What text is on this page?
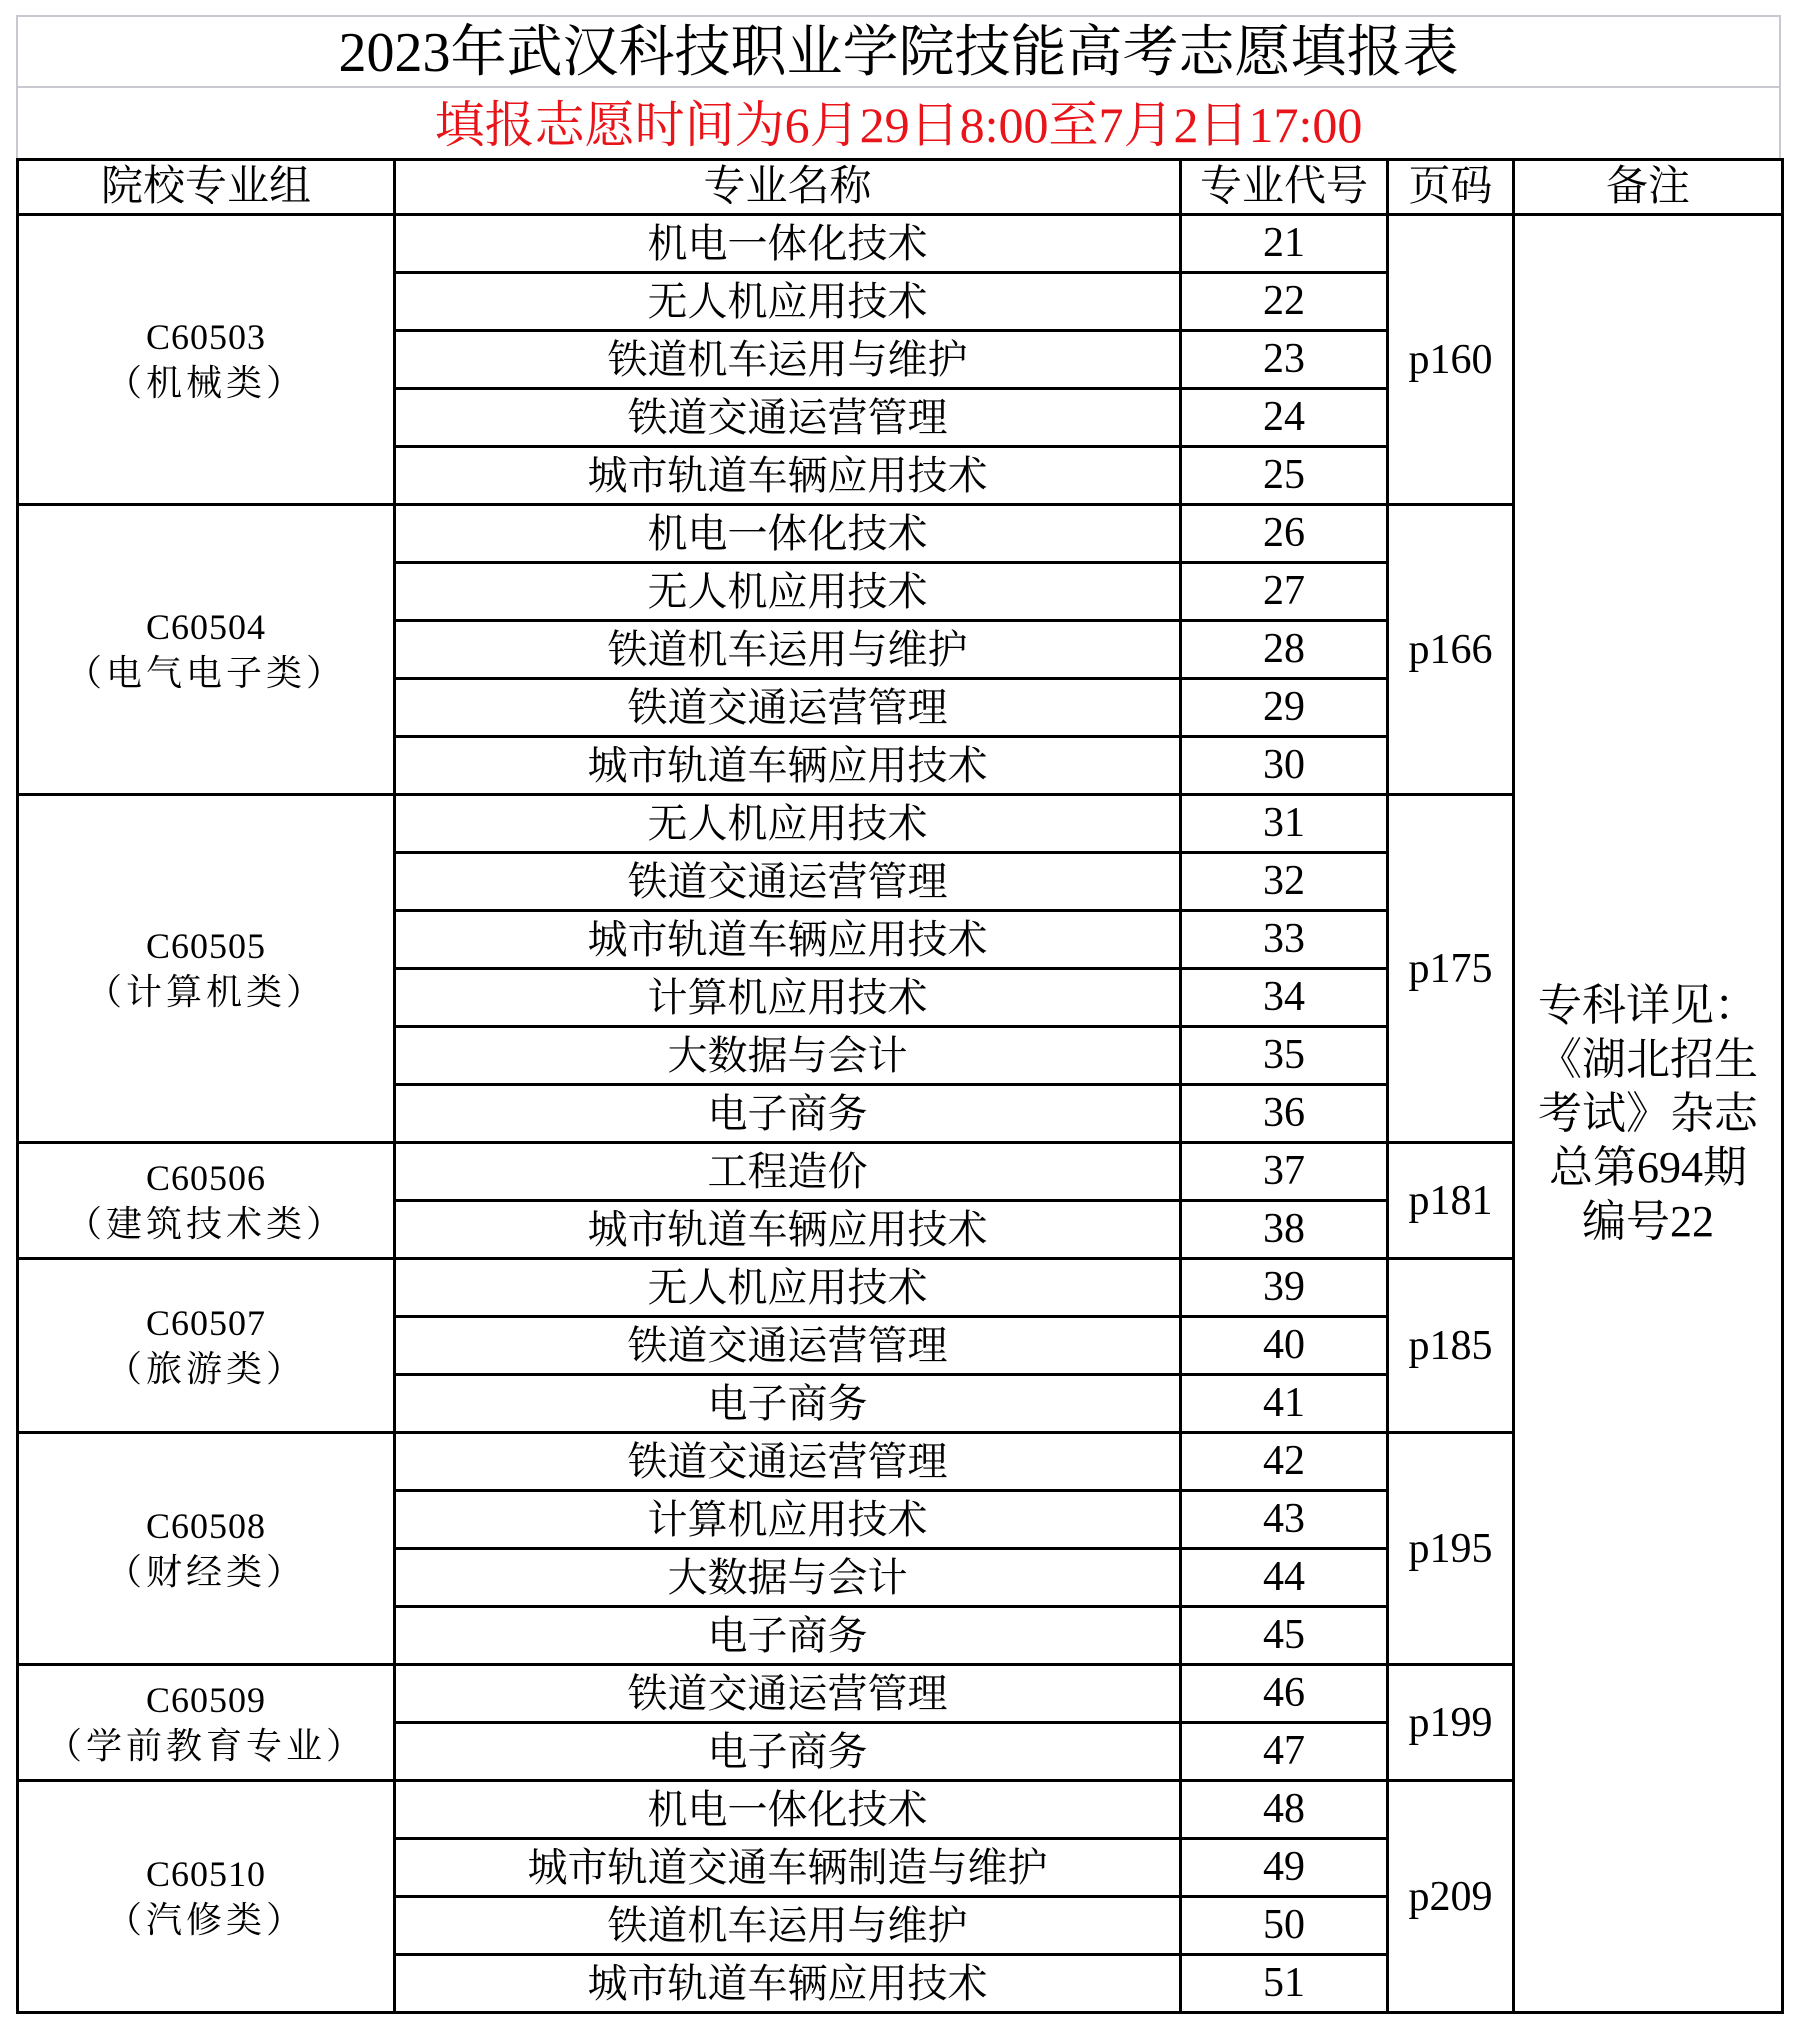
2023年武汉科技职业学院技能高考志愿填报表
填报志愿时间为6月29日8:00至7月2日17:00
院校专业组	专业名称	专业代号	页码	备注

C60503
（机械类）	机电一体化技术	21	p160	专科详见：《湖北招生考试》杂志总第694期编号22
	无人机应用技术	22		
	铁道机车运用与维护	23		
	铁道交通运营管理	24		
	城市轨道车辆应用技术	25		

C60504
（电气电子类）	机电一体化技术	26	p166	
	无人机应用技术	27		
	铁道机车运用与维护	28		
	铁道交通运营管理	29		
	城市轨道车辆应用技术	30		

C60505
（计算机类）	无人机应用技术	31	p175	
	铁道交通运营管理	32		
	城市轨道车辆应用技术	33		
	计算机应用技术	34		
	大数据与会计	35		
	电子商务	36		

C60506
（建筑技术类）	工程造价	37	p181	
	城市轨道车辆应用技术	38		

C60507
（旅游类）	无人机应用技术	39	p185	
	铁道交通运营管理	40		
	电子商务	41		

C60508
（财经类）	铁道交通运营管理	42	p195	
	计算机应用技术	43		
	大数据与会计	44		
	电子商务	45		

C60509
（学前教育专业）	铁道交通运营管理	46	p199	
	电子商务	47		

C60510
（汽修类）	机电一体化技术	48	p209	
	城市轨道交通车辆制造与维护	49		
	铁道机车运用与维护	50		
	城市轨道车辆应用技术	51		
